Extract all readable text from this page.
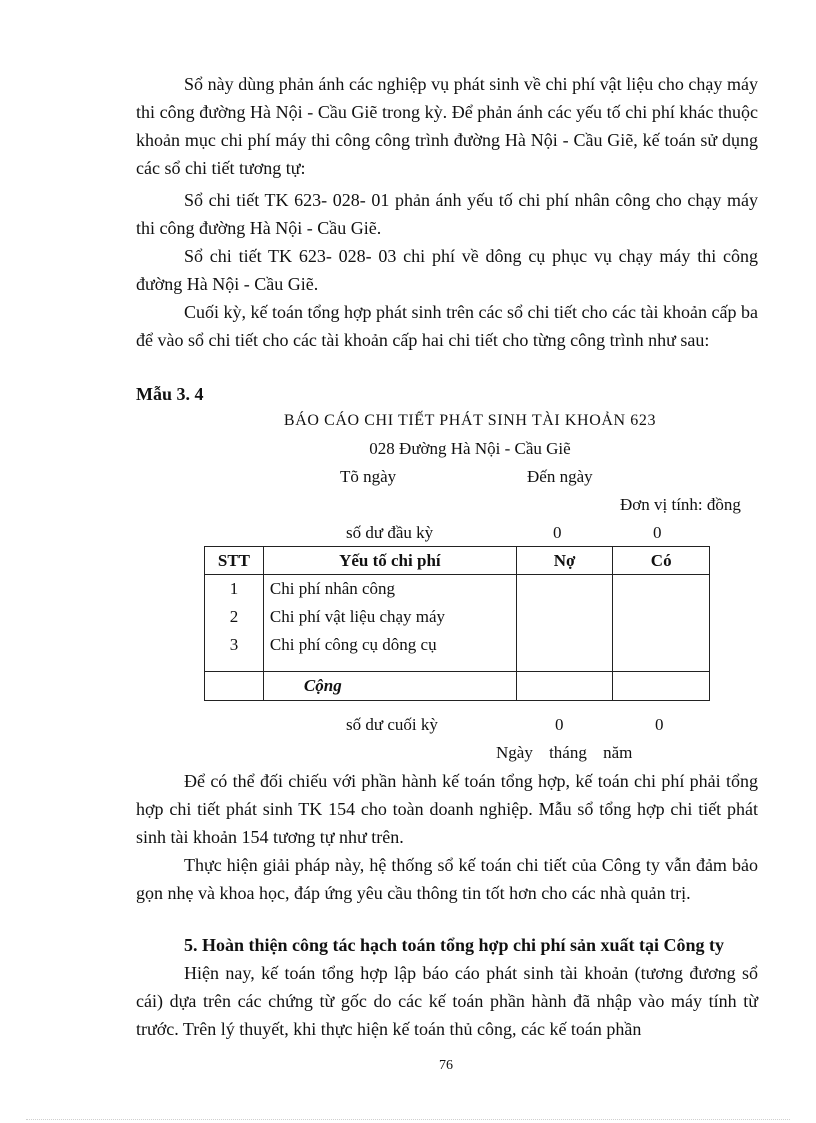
Sổ này dùng phản ánh các nghiệp vụ phát sinh về chi phí vật liệu cho chạy máy thi công đường Hà Nội - Cầu Giẽ trong kỳ. Để phản ánh các yếu tố chi phí khác thuộc khoản mục chi phí máy thi công công trình đường Hà Nội - Cầu Giẽ, kế toán sử dụng các sổ chi tiết tương tự:

Sổ chi tiết TK 623- 028- 01 phản ánh yếu tố chi phí nhân công cho chạy máy thi công đường Hà Nội - Cầu Giẽ.

Sổ chi tiết TK 623- 028- 03 chi phí về dông cụ phục vụ chạy máy thi công đường Hà Nội - Cầu Giẽ.

Cuối kỳ, kế toán tổng hợp phát sinh trên các sổ chi tiết cho các tài khoản cấp ba để vào sổ chi tiết cho các tài khoản cấp hai chi tiết cho từng công trình như sau:

Mẫu 3. 4

BÁO CÁO CHI TIẾT PHÁT SINH TÀI KHOẢN 623

028 Đường Hà Nội - Cầu Giẽ

Tõ ngày	Đến ngày

Đơn vị tính: đồng

số dư đầu kỳ	0	0

STT	Yếu tố chi phí	Nợ	Có
1	Chi phí nhân công		
2	Chi phí vật liệu chạy máy		
3	Chi phí công cụ dông cụ		

	Cộng		

số dư cuối kỳ	0	0

Ngày tháng năm

Để có thể đối chiếu với phần hành kế toán tổng hợp, kế toán chi phí phải tổng hợp chi tiết phát sinh TK 154 cho toàn doanh nghiệp. Mẫu sổ tổng hợp chi tiết phát sinh tài khoản 154 tương tự như trên.

Thực hiện giải pháp này, hệ thống sổ kế toán chi tiết của Công ty vẫn đảm bảo gọn nhẹ và khoa học, đáp ứng yêu cầu thông tin tốt hơn cho các nhà quản trị.

5. Hoàn thiện công tác hạch toán tổng hợp chi phí sản xuất tại Công ty

Hiện nay, kế toán tổng hợp lập báo cáo phát sinh tài khoản (tương đương sổ cái) dựa trên các chứng từ gốc do các kế toán phần hành đã nhập vào máy tính từ trước. Trên lý thuyết, khi thực hiện kế toán thủ công, các kế toán phần

76
